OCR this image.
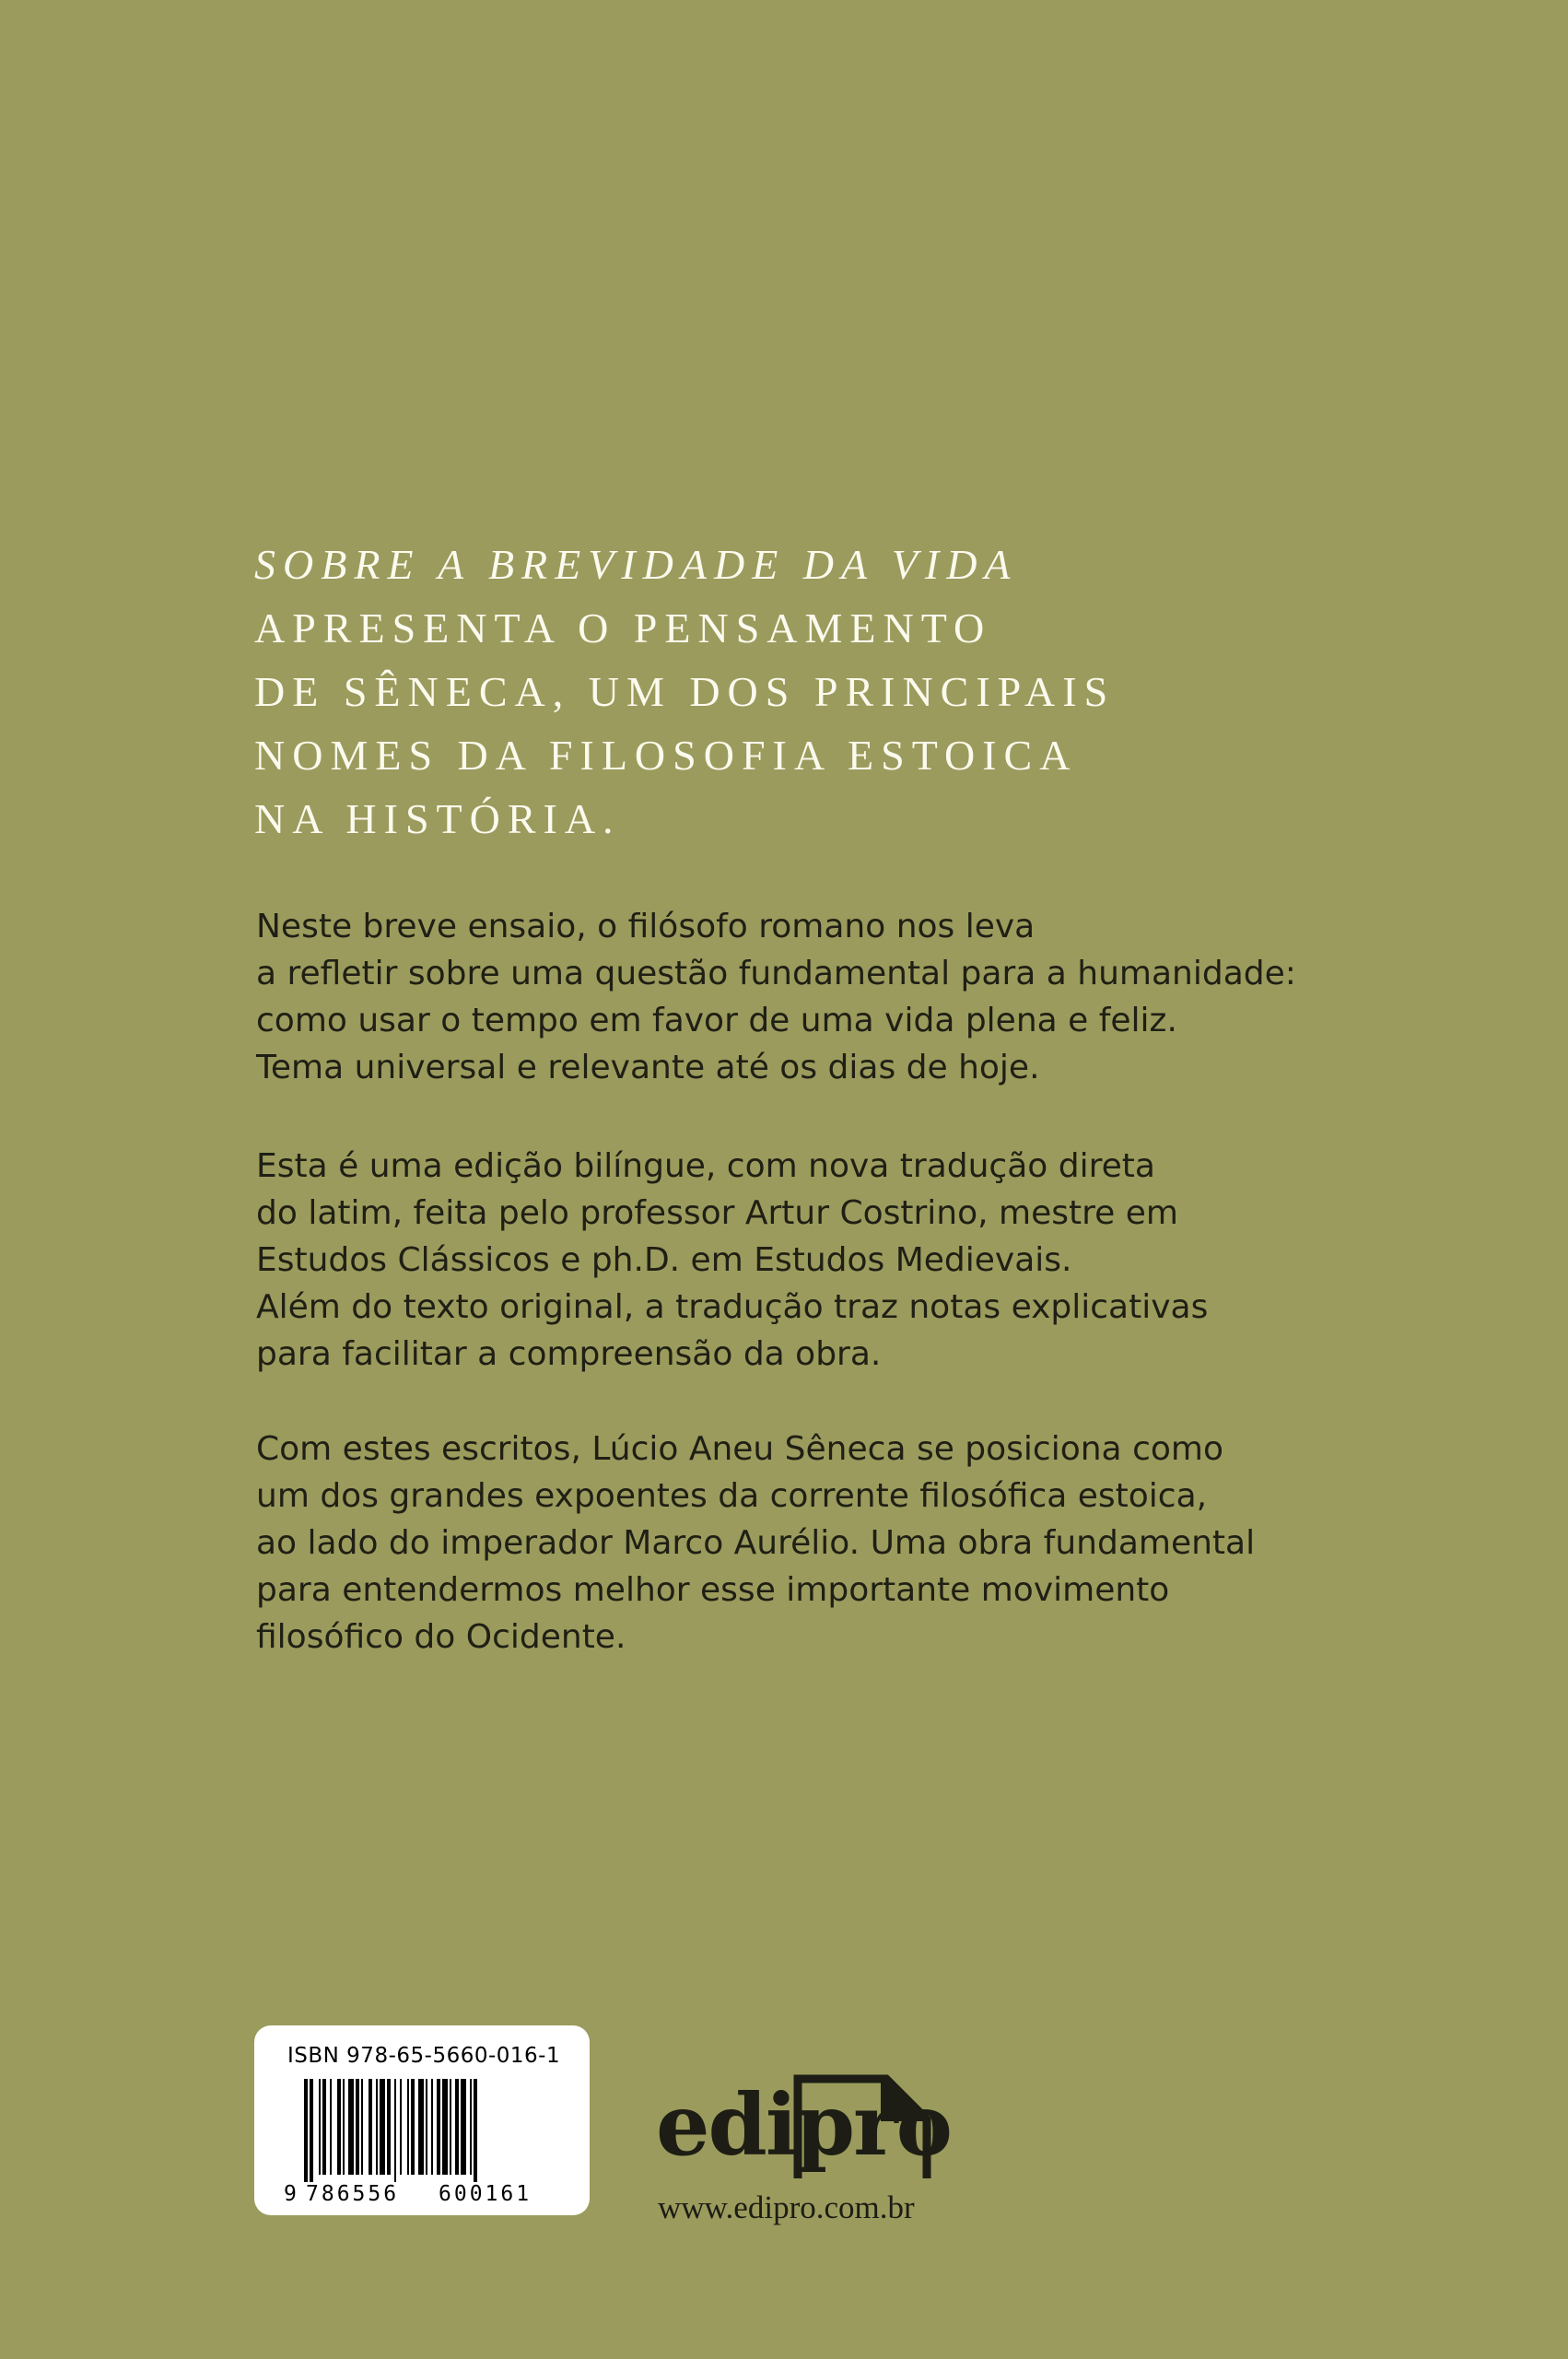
SOBRE A BREVIDADE DA VIDA
APRESENTA O PENSAMENTO
DE SÊNECA, UM DOS PRINCIPAIS
NOMES DA FILOSOFIA ESTOICA
NA HISTÓRIA.

Neste breve ensaio, o filósofo romano nos leva
a refletir sobre uma questão fundamental para a humanidade:
como usar o tempo em favor de uma vida plena e feliz.
Tema universal e relevante até os dias de hoje.

Esta é uma edição bilíngue, com nova tradução direta
do latim, feita pelo professor Artur Costrino, mestre em
Estudos Clássicos e ph.D. em Estudos Medievais.
Além do texto original, a tradução traz notas explicativas
para facilitar a compreensão da obra.

Com estes escritos, Lúcio Aneu Sêneca se posiciona como
um dos grandes expoentes da corrente filosófica estoica,
ao lado do imperador Marco Aurélio. Uma obra fundamental
para entendermos melhor esse importante movimento
filosófico do Ocidente.

9 786556 600161
ISBN 978-65-5660-016-1
edipro
www.edipro.com.br
